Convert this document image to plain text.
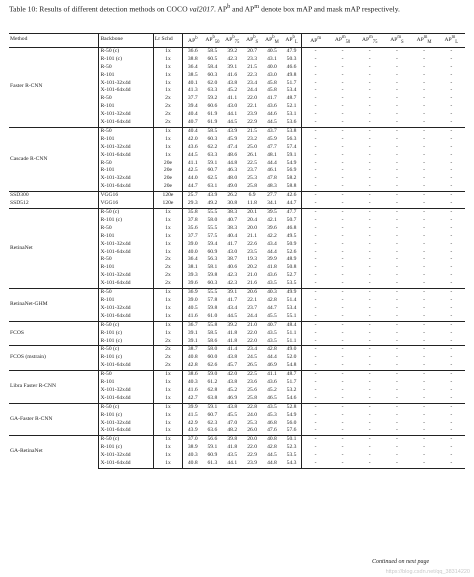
Table 10: Results of different detection methods on COCO val2017. $AP^b$ and $AP^m$ denote box mAP and mask mAP respectively.
Method	Backbone	Lr Schd	$AP^b$	$AP^b_{50}$	$AP^b_{75}$	$AP^b_S$	$AP^b_M$	$AP^b_L$	$AP^m$	$AP^m_{50}$	$AP^m_{75}$	$AP^m_S$	$AP^m_M$	$AP^m_L$
Faster R-CNN	R-50 (c)	1x	36.6	58.5	39.2	20.7	40.5	47.9	-	-	-	-	-	-
	R-101 (c)	1x	38.8	60.5	42.3	23.3	43.1	50.3	-	-	-	-	-	-
	R-50	1x	36.4	58.4	39.1	21.5	40.0	46.6	-	-	-	-	-	-
	R-101	1x	38.5	60.3	41.6	22.3	43.0	49.8	-	-	-	-	-	-
	X-101-32x4d	1x	40.1	62.0	43.8	23.4	45.8	51.7	-	-	-	-	-	-
	X-101-64x4d	1x	41.3	63.3	45.2	24.4	45.8	53.4	-	-	-	-	-	-
	R-50	2x	37.7	59.2	41.1	22.0	41.7	48.7	-	-	-	-	-	-
	R-101	2x	39.4	60.6	43.0	22.1	43.6	52.1	-	-	-	-	-	-
	X-101-32x4d	2x	40.4	61.9	44.1	23.9	44.6	53.1	-	-	-	-	-	-
	X-101-64x4d	2x	40.7	61.9	44.5	22.9	44.5	53.6	-	-	-	-	-	-
Cascade R-CNN	R-50	1x	40.4	58.5	43.9	21.5	43.7	53.8	-	-	-	-	-	-
	R-101	1x	42.0	60.3	45.9	23.2	45.9	56.3	-	-	-	-	-	-
	X-101-32x4d	1x	43.6	62.2	47.4	25.0	47.7	57.4	-	-	-	-	-	-
	X-101-64x4d	1x	44.5	63.3	48.6	26.1	48.1	59.1	-	-	-	-	-	-
	R-50	20e	41.1	59.1	44.8	22.5	44.4	54.9	-	-	-	-	-	-
	R-101	20e	42.5	60.7	46.3	23.7	46.1	56.9	-	-	-	-	-	-
	X-101-32x4d	20e	44.0	62.5	48.0	25.3	47.8	58.2	-	-	-	-	-	-
	X-101-64x4d	20e	44.7	63.1	49.0	25.8	48.3	58.8	-	-	-	-	-	-
SSD300	VGG16	120e	25.7	43.9	26.2	6.9	27.7	42.6	-	-	-	-	-	-
SSD512	VGG16	120e	29.3	49.2	30.8	11.8	34.1	44.7	-	-	-	-	-	-
RetinaNet	R-50 (c)	1x	35.8	55.5	38.3	20.1	39.5	47.7	-	-	-	-	-	-
	R-101 (c)	1x	37.8	58.0	40.7	20.4	42.1	50.7	-	-	-	-	-	-
	R-50	1x	35.6	55.5	38.3	20.0	39.6	46.8	-	-	-	-	-	-
	R-101	1x	37.7	57.5	40.4	21.1	42.2	49.5	-	-	-	-	-	-
	X-101-32x4d	1x	39.0	59.4	41.7	22.6	43.4	50.9	-	-	-	-	-	-
	X-101-64x4d	1x	40.0	60.9	43.0	23.5	44.4	52.6	-	-	-	-	-	-
	R-50	2x	36.4	56.3	38.7	19.3	39.9	48.9	-	-	-	-	-	-
	R-101	2x	38.1	58.1	40.6	20.2	41.8	50.8	-	-	-	-	-	-
	X-101-32x4d	2x	39.3	59.8	42.3	21.0	43.6	52.7	-	-	-	-	-	-
	X-101-64x4d	2x	39.6	60.3	42.3	21.6	43.5	53.5	-	-	-	-	-	-
RetinaNet-GHM	R-50	1x	36.9	55.5	39.1	20.6	40.3	49.9	-	-	-	-	-	-
	R-101	1x	39.0	57.8	41.7	22.1	42.8	51.4	-	-	-	-	-	-
	X-101-32x4d	1x	40.5	59.8	43.4	23.7	44.7	53.4	-	-	-	-	-	-
	X-101-64x4d	1x	41.6	61.0	44.5	24.4	45.5	55.1	-	-	-	-	-	-
FCOS	R-50 (c)	1x	36.7	55.8	39.2	21.0	40.7	48.4	-	-	-	-	-	-
	R-101 (c)	1x	39.1	58.5	41.8	22.0	43.5	51.1	-	-	-	-	-	-
	R-101 (c)	2x	39.1	58.6	41.8	22.0	43.5	51.1	-	-	-	-	-	-
FCOS (mstrain)	R-50 (c)	2x	38.7	58.0	41.4	23.4	42.8	49.0	-	-	-	-	-	-
	R-101 (c)	2x	40.8	60.0	43.8	24.5	44.4	52.0	-	-	-	-	-	-
	X-101-64x4d	2x	42.8	62.6	45.7	26.5	46.9	54.8	-	-	-	-	-	-
Libra Faster R-CNN	R-50	1x	38.6	59.0	42.0	22.5	41.1	48.7	-	-	-	-	-	-
	R-101	1x	40.3	61.2	43.8	23.6	43.6	51.7	-	-	-	-	-	-
	X-101-32x4d	1x	41.6	62.8	45.2	25.6	45.2	53.2	-	-	-	-	-	-
	X-101-64x4d	1x	42.7	63.8	46.9	25.8	46.5	54.6	-	-	-	-	-	-
GA-Faster R-CNN	R-50 (c)	1x	39.9	59.1	43.8	22.8	43.5	52.8	-	-	-	-	-	-
	R-101 (c)	1x	41.5	60.7	45.5	24.0	45.3	54.9	-	-	-	-	-	-
	X-101-32x4d	1x	42.9	62.3	47.0	25.3	46.8	56.0	-	-	-	-	-	-
	X-101-64x4d	1x	43.9	63.6	48.2	26.0	47.6	57.6	-	-	-	-	-	-
GA-RetinaNet	R-50 (c)	1x	37.0	56.6	39.8	20.0	40.8	50.1	-	-	-	-	-	-
	R-101 (c)	1x	38.9	59.1	41.8	22.0	42.8	52.3	-	-	-	-	-	-
	X-101-32x4d	1x	40.3	60.9	43.5	22.9	44.5	53.5	-	-	-	-	-	-
	X-101-64x4d	1x	40.8	61.3	44.1	23.9	44.8	54.3	-	-	-	-	-	-
Continued on next page
https://blog.csdn.net/qq_38314220
